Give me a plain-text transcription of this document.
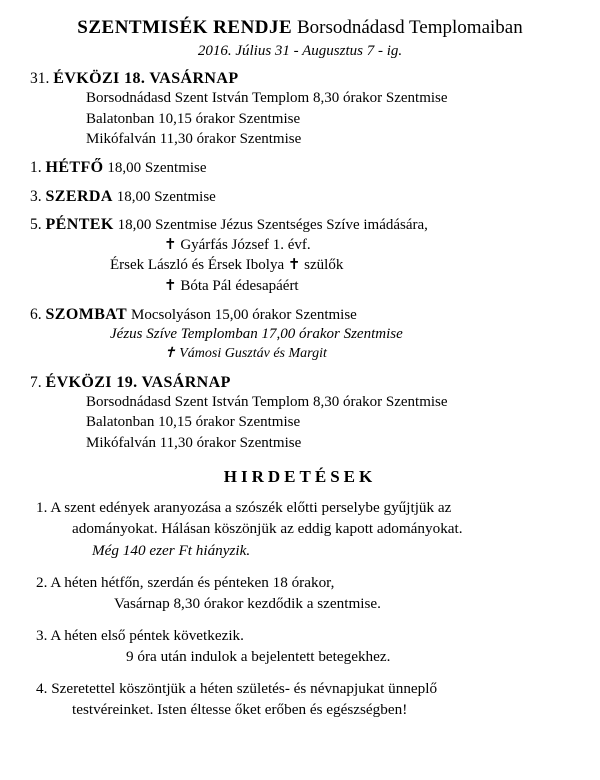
SZENTMISÉK RENDJE Borsodnádasd Templomaiban
2016. Július 31 - Augusztus 7 - ig.
31. ÉVKÖZI 18. VASÁRNAP
Borsodnádasd Szent István Templom 8,30 órakor Szentmise
Balatonban 10,15 órakor Szentmise
Mikófalván 11,30 órakor Szentmise
1. HÉTFŐ 18,00 Szentmise
3. SZERDA 18,00 Szentmise
5. PÉNTEK 18,00 Szentmise Jézus Szentséges Szíve imádására,
✝ Gyárfás József 1. évf.
Érsek László és Érsek Ibolya ✝ szülők
✝ Bóta Pál édesapáért
6. SZOMBAT Mocsolyáson 15,00 órakor Szentmise
Jézus Szíve Templomban 17,00 órakor Szentmise
✝ Vámosi Gusztáv és Margit
7. ÉVKÖZI 19. VASÁRNAP
Borsodnádasd Szent István Templom 8,30 órakor Szentmise
Balatonban 10,15 órakor Szentmise
Mikófalván 11,30 órakor Szentmise
HIRDETÉSEK
1. A szent edények aranyozása a szószék előtti perselybe gyűjtjük az
adományokat. Hálásan köszönjük az eddig kapott adományokat.
Még 140 ezer Ft hiányzik.
2. A héten hétfőn, szerdán és pénteken 18 órakor,
Vasárnap 8,30 órakor kezdődik a szentmise.
3. A héten első péntek következik.
9 óra után indulok a bejelentett betegekhez.
4. Szeretettel köszöntjük a héten születés- és névnapjukat ünneplő
testvéreinket. Isten éltesse őket erőben és egészségben!
